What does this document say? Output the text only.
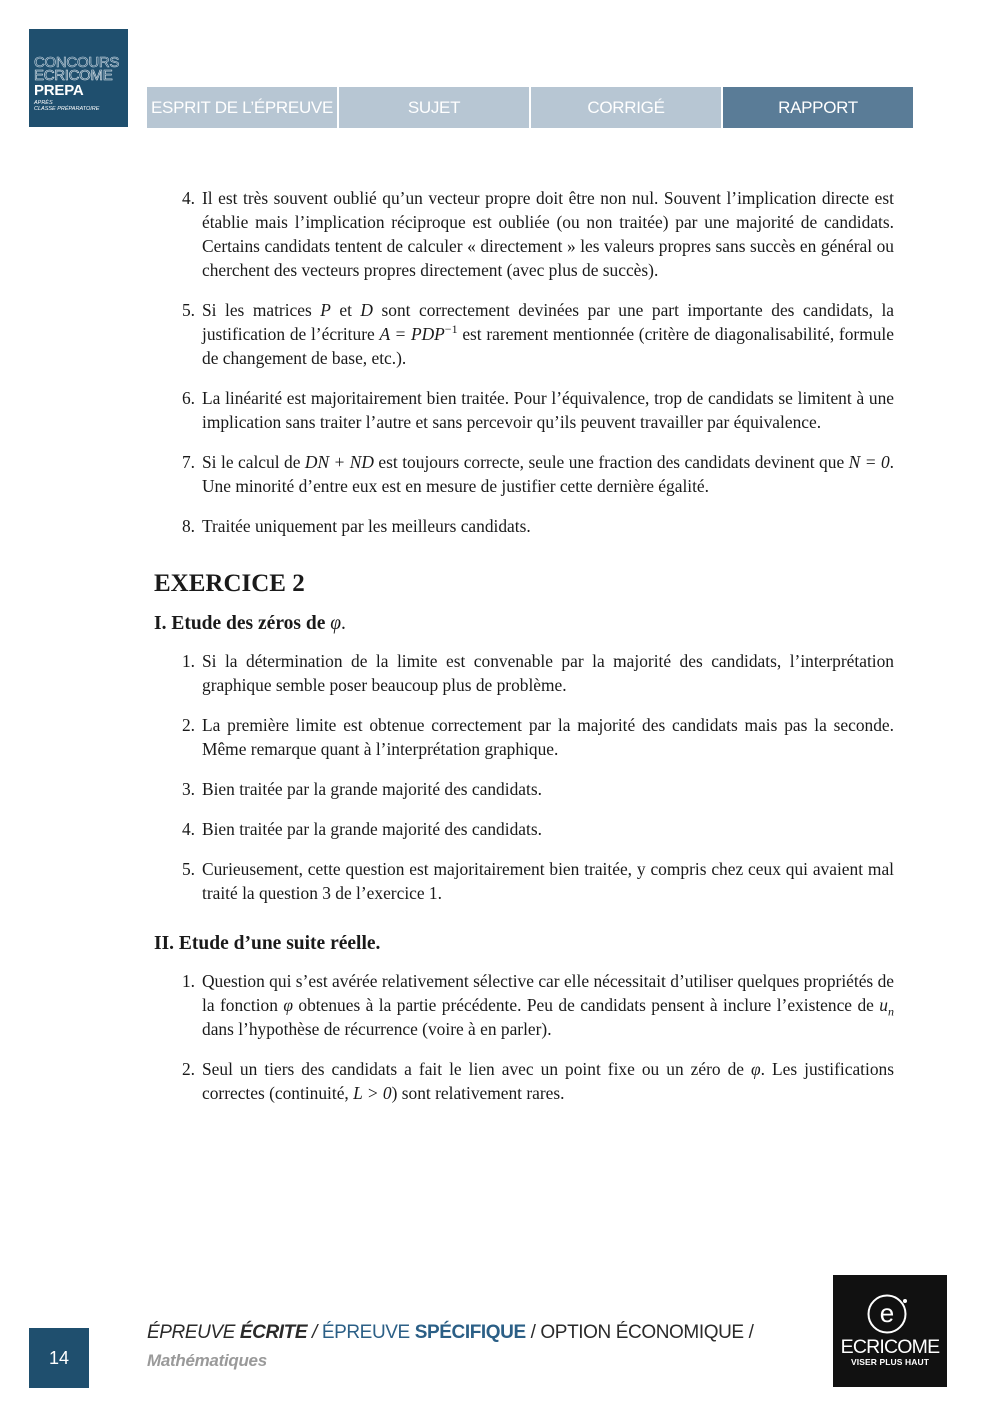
CONCOURS
ECRICOME
PREPA
APRÈS
CLASSE PRÉPARATOIRE	ESPRIT DE L’ÉPREUVE	SUJET	CORRIGÉ	RAPPORT
4. Il est très souvent oublié qu’un vecteur propre doit être non nul. Souvent l’implication directe est établie mais l’implication réciproque est oubliée (ou non traitée) par une majorité de candidats. Certains candidats tentent de calculer « directement » les valeurs propres sans succès en général ou cherchent des vecteurs propres directement (avec plus de succès).
5. Si les matrices P et D sont correctement devinées par une part importante des candidats, la justification de l’écriture $A = PDP^{-1}$ est rarement mentionnée (critère de diagonalisabilité, formule de changement de base, etc.).
6. La linéarité est majoritairement bien traitée. Pour l’équivalence, trop de candidats se limitent à une implication sans traiter l’autre et sans percevoir qu’ils peuvent travailler par équivalence.
7. Si le calcul de DN + ND est toujours correcte, seule une fraction des candidats devinent que N = 0. Une minorité d’entre eux est en mesure de justifier cette dernière égalité.
8. Traitée uniquement par les meilleurs candidats.
EXERCICE 2
I. Etude des zéros de φ.
1. Si la détermination de la limite est convenable par la majorité des candidats, l’interprétation graphique semble poser beaucoup plus de problème.
2. La première limite est obtenue correctement par la majorité des candidats mais pas la seconde. Même remarque quant à l’interprétation graphique.
3. Bien traitée par la grande majorité des candidats.
4. Bien traitée par la grande majorité des candidats.
5. Curieusement, cette question est majoritairement bien traitée, y compris chez ceux qui avaient mal traité la question 3 de l’exercice 1.
II. Etude d’une suite réelle.
1. Question qui s’est avérée relativement sélective car elle nécessitait d’utiliser quelques propriétés de la fonction φ obtenues à la partie précédente. Peu de candidats pensent à inclure l’existence de $u_n$ dans l’hypothèse de récurrence (voire à en parler).
2. Seul un tiers des candidats a fait le lien avec un point fixe ou un zéro de φ. Les justifications correctes (continuité, L > 0) sont relativement rares.
14
ÉPREUVE ÉCRITE / ÉPREUVE SPÉCIFIQUE / OPTION ÉCONOMIQUE /
Mathématiques
e
ECRICOME
VISER PLUS HAUT
